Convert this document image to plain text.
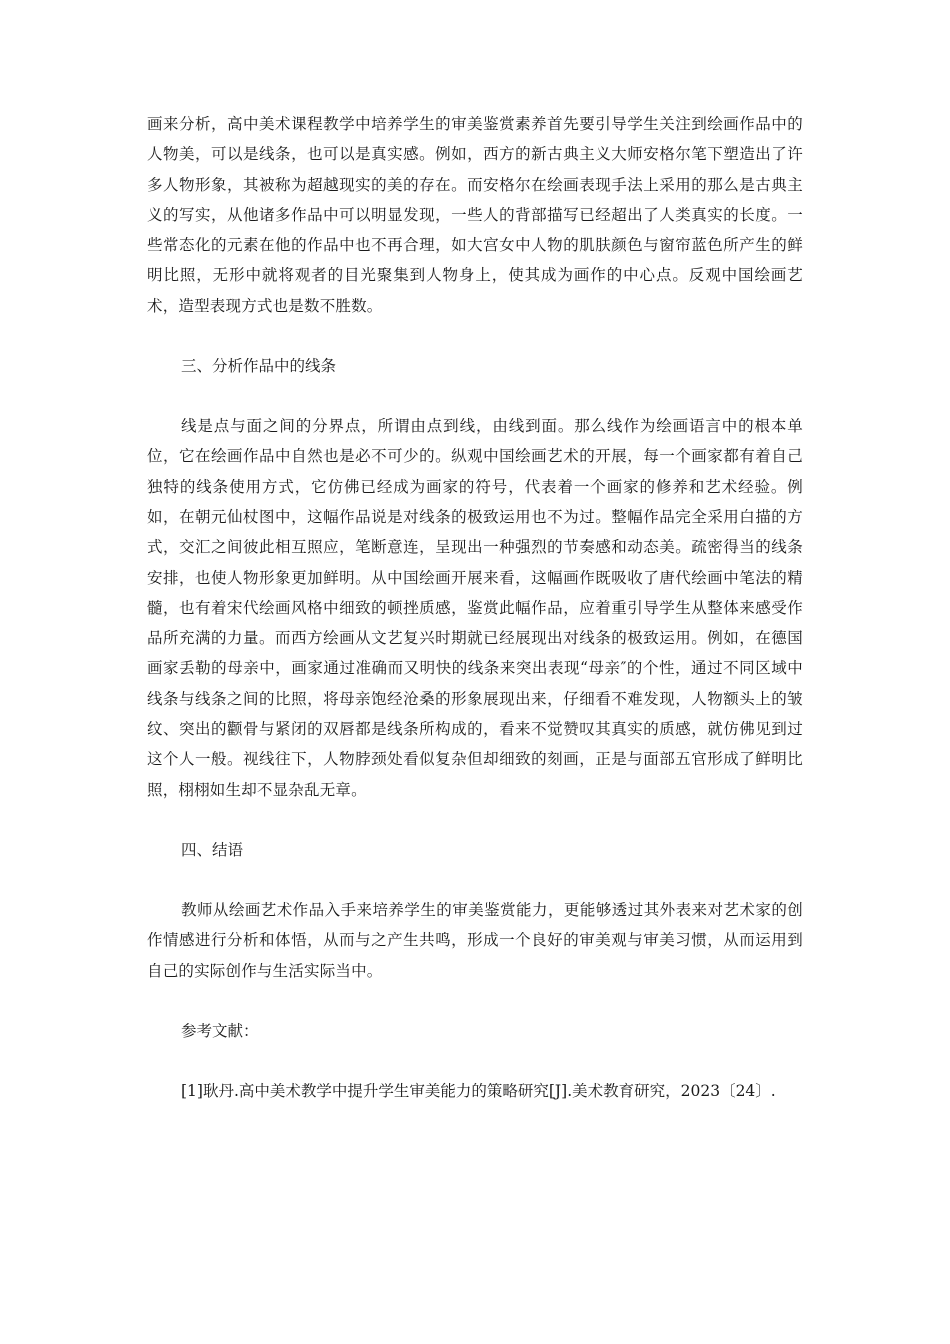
画来分析，高中美术课程教学中培养学生的审美鉴赏素养首先要引导学生关注到绘画作品中的人物美，可以是线条，也可以是真实感。例如，西方的新古典主义大师安格尔笔下塑造出了许多人物形象，其被称为超越现实的美的存在。而安格尔在绘画表现手法上采用的那么是古典主义的写实，从他诸多作品中可以明显发现，一些人的背部描写已经超出了人类真实的长度。一些常态化的元素在他的作品中也不再合理，如大宫女中人物的肌肤颜色与窗帘蓝色所产生的鲜明比照，无形中就将观者的目光聚集到人物身上，使其成为画作的中心点。反观中国绘画艺术，造型表现方式也是数不胜数。

三、分析作品中的线条

线是点与面之间的分界点，所谓由点到线，由线到面。那么线作为绘画语言中的根本单位，它在绘画作品中自然也是必不可少的。纵观中国绘画艺术的开展，每一个画家都有着自己独特的线条使用方式，它仿佛已经成为画家的符号，代表着一个画家的修养和艺术经验。例如，在朝元仙杖图中，这幅作品说是对线条的极致运用也不为过。整幅作品完全采用白描的方式，交汇之间彼此相互照应，笔断意连，呈现出一种强烈的节奏感和动态美。疏密得当的线条安排，也使人物形象更加鲜明。从中国绘画开展来看，这幅画作既吸收了唐代绘画中笔法的精髓，也有着宋代绘画风格中细致的顿挫质感，鉴赏此幅作品，应着重引导学生从整体来感受作品所充满的力量。而西方绘画从文艺复兴时期就已经展现出对线条的极致运用。例如，在德国画家丢勒的母亲中，画家通过准确而又明快的线条来突出表现“母亲″的个性，通过不同区域中线条与线条之间的比照，将母亲饱经沧桑的形象展现出来，仔细看不难发现，人物额头上的皱纹、突出的颧骨与紧闭的双唇都是线条所构成的，看来不觉赞叹其真实的质感，就仿佛见到过这个人一般。视线往下，人物脖颈处看似复杂但却细致的刻画，正是与面部五官形成了鲜明比照，栩栩如生却不显杂乱无章。

四、结语

教师从绘画艺术作品入手来培养学生的审美鉴赏能力，更能够透过其外表来对艺术家的创作情感进行分析和体悟，从而与之产生共鸣，形成一个良好的审美观与审美习惯，从而运用到自己的实际创作与生活实际当中。

参考文献：

[1]耿丹.高中美术教学中提升学生审美能力的策略研究[J].美术教育研究，2023〔24〕.
